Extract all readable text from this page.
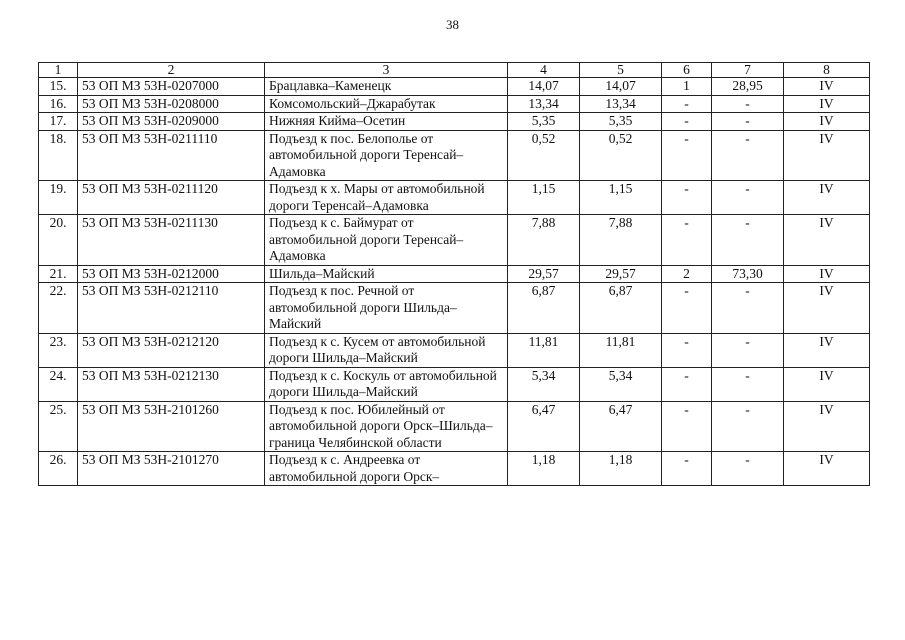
38
1	2	3	4	5	6	7	8
15.	53 ОП МЗ 53Н-0207000	Брацлавка–Каменецк	14,07	14,07	1	28,95	IV
16.	53 ОП МЗ 53Н-0208000	Комсомольский–Джарабутак	13,34	13,34	-	-	IV
17.	53 ОП МЗ 53Н-0209000	Нижняя Кийма–Осетин	5,35	5,35	-	-	IV
18.	53 ОП МЗ 53Н-0211110	Подъезд к пос. Белополье от автомобильной дороги Теренсай–Адамовка	0,52	0,52	-	-	IV
19.	53 ОП МЗ 53Н-0211120	Подъезд к х. Мары от автомобильной дороги Теренсай–Адамовка	1,15	1,15	-	-	IV
20.	53 ОП МЗ 53Н-0211130	Подъезд к с. Баймурат от автомобильной дороги Теренсай–Адамовка	7,88	7,88	-	-	IV
21.	53 ОП МЗ 53Н-0212000	Шильда–Майский	29,57	29,57	2	73,30	IV
22.	53 ОП МЗ 53Н-0212110	Подъезд к пос. Речной от автомобильной дороги Шильда–Майский	6,87	6,87	-	-	IV
23.	53 ОП МЗ 53Н-0212120	Подъезд к с. Кусем от автомобильной дороги Шильда–Майский	11,81	11,81	-	-	IV
24.	53 ОП МЗ 53Н-0212130	Подъезд к с. Коскуль от автомобильной дороги Шильда–Майский	5,34	5,34	-	-	IV
25.	53 ОП МЗ 53Н-2101260	Подъезд к пос. Юбилейный от автомобильной дороги Орск–Шильда–граница Челябинской области	6,47	6,47	-	-	IV
26.	53 ОП МЗ 53Н-2101270	Подъезд к с. Андреевка от автомобильной дороги Орск–	1,18	1,18	-	-	IV
